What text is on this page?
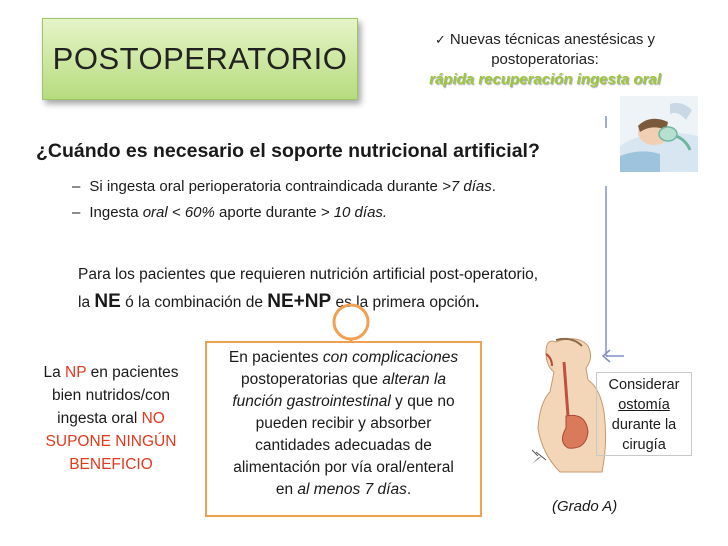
POSTOPERATORIO
✓ Nuevas técnicas anestésicas y
postoperatorias:
rápida recuperación ingesta oral
¿Cuándo es necesario el soporte nutricional artificial?
– Si ingesta oral perioperatoria contraindicada durante >7 días.
– Ingesta oral < 60% aporte durante > 10 días.
Para los pacientes que requieren nutrición artificial post-operatorio,
la NE ó la combinación de NE+NP es la primera opción.
La NP en pacientes
bien nutridos/con
ingesta oral NO
SUPONE NINGÚN
BENEFICIO
En pacientes con complicaciones
postoperatorias que alteran la
función gastrointestinal y que no
pueden recibir y absorber
cantidades adecuadas de
alimentación por vía oral/enteral
en al menos 7 días.
Considerar
ostomía
durante la
cirugía
(Grado A)
